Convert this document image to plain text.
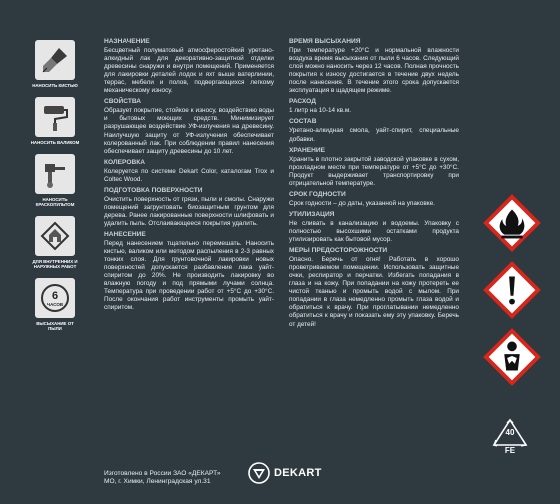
НАНОСИТЬ КИСТЬЮ
НАНОСИТЬ ВАЛИКОМ
НАНОСИТЬ КРАСКОПУЛЬТОМ
ДЛЯ ВНУТРЕННИХ И НАРУЖНЫХ РАБОТ
6
ЧАСОВ
ВЫСЫХАНИЕ ОТ ПЫЛИ
НАЗНАЧЕНИЕ
Бесцветный полуматовый атмосферостойкий уретано-алкидный лак для декоративно-защитной отделки древесины снаружи и внутри помещений. Применяется для лакировки деталей лодок и яхт выше ватерлинии, террас, мебели и полов, подвергающихся легкому механическому износу.
СВОЙСТВА
Образует покрытие, стойкое к износу, воздействию воды и бытовых моющих средств. Минимизирует разрушающее воздействие УФ-излучения на древесину. Наилучшую защиту от УФ-излучения обеспечивает колерованный лак. При соблюдении правил нанесения обеспечивает защиту древесины до 10 лет.
КОЛЕРОВКА
Колеруется по системе Dekart Color, каталогам Trox и Coltec Wood.
ПОДГОТОВКА ПОВЕРХНОСТИ
Очистить поверхность от грязи, пыли и смолы. Снаружи помещений загрунтовать биозащитным грунтом для дерева. Ранее лакированные поверхности шлифовать и удалить пыль. Отслаивающееся покрытия удалить.
НАНЕСЕНИЕ
Перед нанесением тщательно перемешать. Наносить кистью, валиком или методом распыления в 2-3 равных тонких слоя. Для грунтовочной лакировки новых поверхностей допускается разбавление лака уайт-спиритом до 20%. Не производить лакировку во влажную погоду и под прямыми лучами солнца. Температура при проведении работ от +5°C до +30°C. После окончания работ инструменты промыть уайт-спиритом.
ВРЕМЯ ВЫСЫХАНИЯ
При температуре +20°C и нормальной влажности воздуха время высыхания от пыли 6 часов. Следующий слой можно наносить через 12 часов. Полная прочность покрытия к износу достигается в течение двух недель после нанесения. В течение этого срока допускается эксплуатация в щадящем режиме.
РАСХОД
1 литр на 10-14 кв.м.
СОСТАВ
Уретано-алкидная смола, уайт-спирит, специальные добавки.
ХРАНЕНИЕ
Хранить в плотно закрытой заводской упаковке в сухом, прохладном месте при температуре от +5°C до +30°C. Продукт выдерживает транспортировку при отрицательной температуре.
СРОК ГОДНОСТИ
Срок годности – до даты, указанной на упаковке.
УТИЛИЗАЦИЯ
Не сливать в канализацию и водоемы. Упаковку с полностью высохшими остатками продукта утилизировать как бытовой мусор.
МЕРЫ ПРЕДОСТОРОЖНОСТИ
Опасно. Беречь от огня! Работать в хорошо проветриваемом помещении. Использовать защитные очки, респиратор и перчатки. Избегать попадания в глаза и на кожу. При попадании на кожу протереть ее чистой тканью и промыть водой с мылом. При попадании в глаза немедленно промыть глаза водой и обратиться к врачу. При проглатывании немедленно обратиться к врачу и показать ему эту упаковку. Беречь от детей!

40
FE
Изготовлено в России ЗАО «ДЕКАРТ»
МО, г. Химки, Ленинградская ул.31
DEKART
